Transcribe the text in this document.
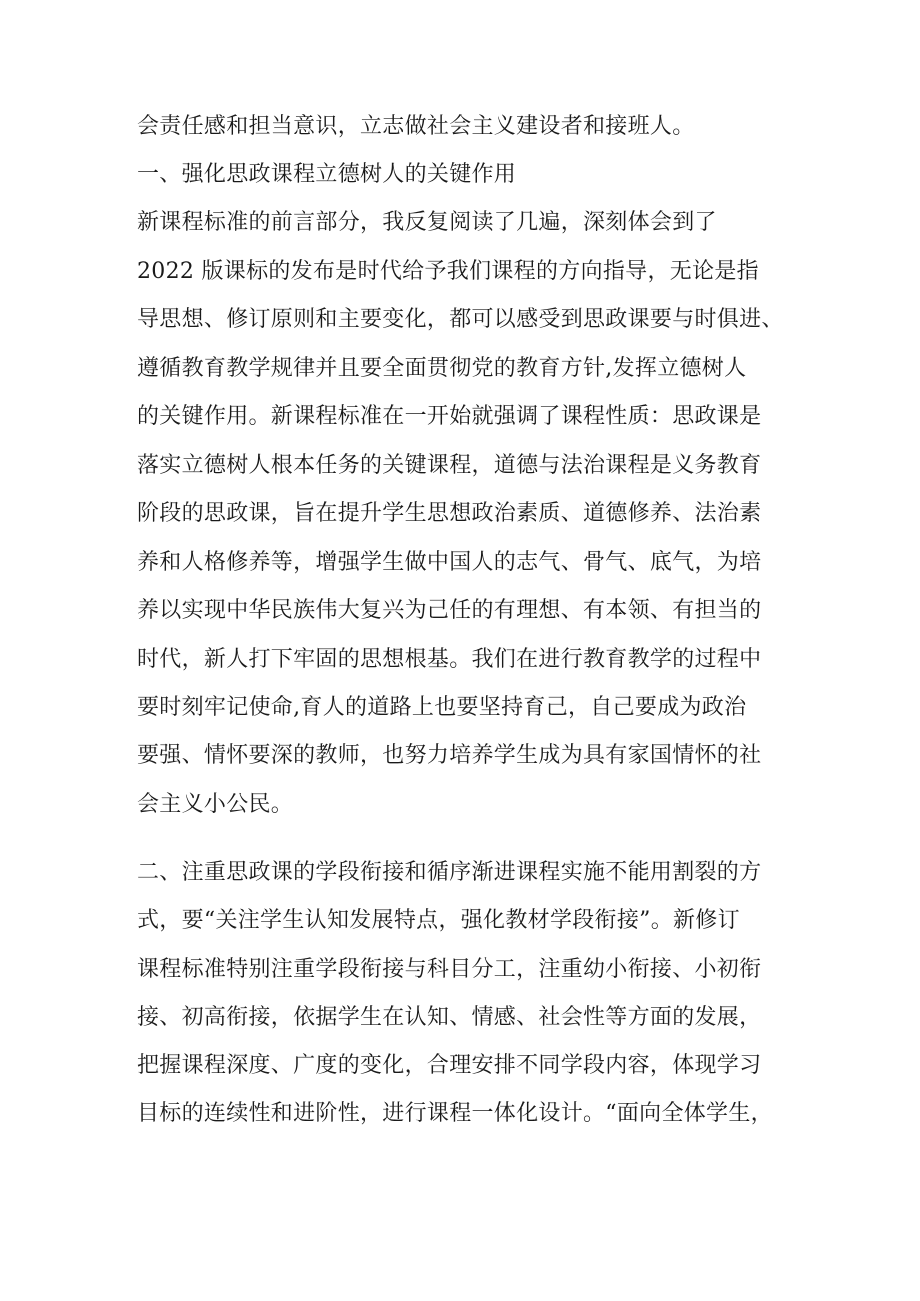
会责任感和担当意识，立志做社会主义建设者和接班人。
一、强化思政课程立德树人的关键作用
新课程标准的前言部分，我反复阅读了几遍，深刻体会到了
2022 版课标的发布是时代给予我们课程的方向指导，无论是指
导思想、修订原则和主要变化，都可以感受到思政课要与时俱进、
遵循教育教学规律并且要全面贯彻党的教育方针,发挥立德树人
的关键作用。新课程标准在一开始就强调了课程性质：思政课是
落实立德树人根本任务的关键课程，道德与法治课程是义务教育
阶段的思政课，旨在提升学生思想政治素质、道德修养、法治素
养和人格修养等，增强学生做中国人的志气、骨气、底气，为培
养以实现中华民族伟大复兴为己任的有理想、有本领、有担当的
时代，新人打下牢固的思想根基。我们在进行教育教学的过程中
要时刻牢记使命,育人的道路上也要坚持育己，自己要成为政治
要强、情怀要深的教师，也努力培养学生成为具有家国情怀的社
会主义小公民。
二、注重思政课的学段衔接和循序渐进课程实施不能用割裂的方
式，要“关注学生认知发展特点，强化教材学段衔接”。新修订
课程标准特别注重学段衔接与科目分工，注重幼小衔接、小初衔
接、初高衔接，依据学生在认知、情感、社会性等方面的发展，
把握课程深度、广度的变化，合理安排不同学段内容，体现学习
目标的连续性和进阶性，进行课程一体化设计。“面向全体学生，
